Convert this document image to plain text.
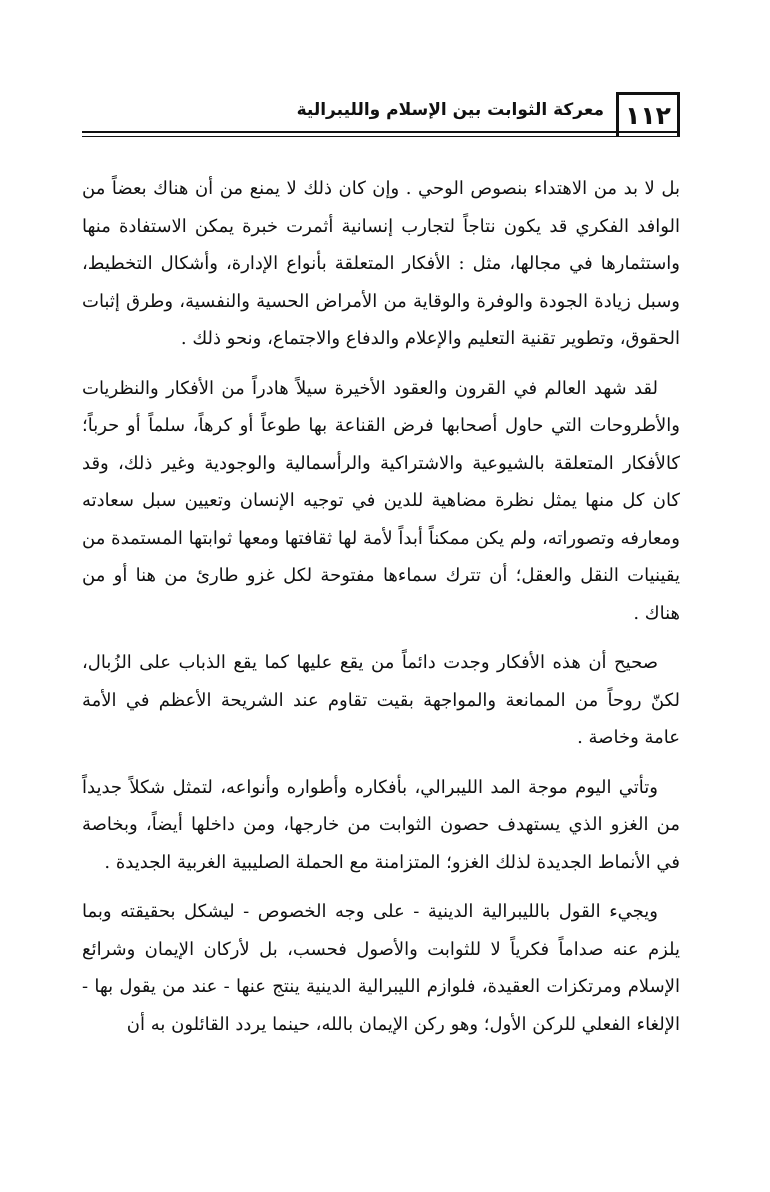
١١٢
معركة الثوابت بين الإسلام والليبرالية

بل لا بد من الاهتداء بنصوص الوحي . وإن كان ذلك لا يمنع من أن هناك بعضاً من الوافد الفكري قد يكون نتاجاً لتجارب إنسانية أثمرت خبرة يمكن الاستفادة منها واستثمارها في مجالها، مثل : الأفكار المتعلقة بأنواع الإدارة، وأشكال التخطيط، وسبل زيادة الجودة والوفرة والوقاية من الأمراض الحسية والنفسية، وطرق إثبات الحقوق، وتطوير تقنية التعليم والإعلام والدفاع والاجتماع، ونحو ذلك .

لقد شهد العالم في القرون والعقود الأخيرة سيلاً هادراً من الأفكار والنظريات والأطروحات التي حاول أصحابها فرض القناعة بها طوعاً أو كرهاً، سلماً أو حرباً؛ كالأفكار المتعلقة بالشيوعية والاشتراكية والرأسمالية والوجودية وغير ذلك، وقد كان كل منها يمثل نظرة مضاهية للدين في توجيه الإنسان وتعيين سبل سعادته ومعارفه وتصوراته، ولم يكن ممكناً أبداً لأمة لها ثقافتها ومعها ثوابتها المستمدة من يقينيات النقل والعقل؛ أن تترك سماءها مفتوحة لكل غزو طارئ من هنا أو من هناك .

صحيح أن هذه الأفكار وجدت دائماً من يقع عليها كما يقع الذباب على الزُبال، لكنّ روحاً من الممانعة والمواجهة بقيت تقاوم عند الشريحة الأعظم في الأمة عامة وخاصة .

وتأتي اليوم موجة المد الليبرالي، بأفكاره وأطواره وأنواعه، لتمثل شكلاً جديداً من الغزو الذي يستهدف حصون الثوابت من خارجها، ومن داخلها أيضاً، وبخاصة في الأنماط الجديدة لذلك الغزو؛ المتزامنة مع الحملة الصليبية الغربية الجديدة .

ويجيء القول بالليبرالية الدينية - على وجه الخصوص - ليشكل بحقيقته وبما يلزم عنه صداماً فكرياً لا للثوابت والأصول فحسب، بل لأركان الإيمان وشرائع الإسلام ومرتكزات العقيدة، فلوازم الليبرالية الدينية ينتج عنها - عند من يقول بها - الإلغاء الفعلي للركن الأول؛ وهو ركن الإيمان بالله، حينما يردد القائلون به أن
